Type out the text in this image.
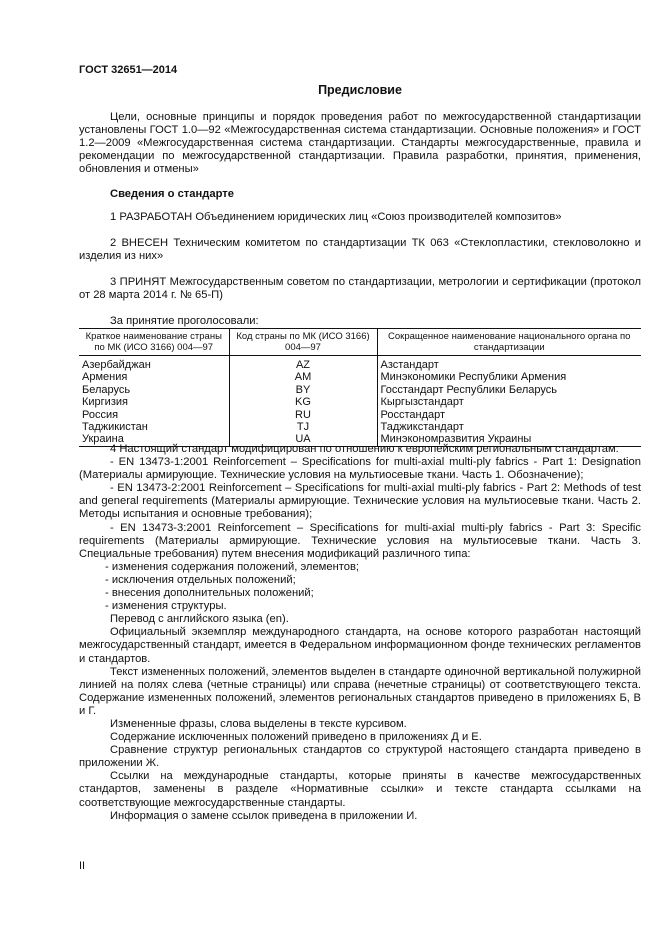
ГОСТ 32651—2014
Предисловие

Цели, основные принципы и порядок проведения работ по межгосударственной стандартизации установлены ГОСТ 1.0—92 «Межгосударственная система стандартизации. Основные положения» и ГОСТ 1.2—2009 «Межгосударственная система стандартизации. Стандарты межгосударственные, правила и рекомендации по межгосударственной стандартизации. Правила разработки, принятия, применения, обновления и отмены»

Сведения о стандарте

1 РАЗРАБОТАН Объединением юридических лиц «Союз производителей композитов»

2 ВНЕСЕН Техническим комитетом по стандартизации ТК 063 «Стеклопластики, стекловолокно и изделия из них»

3 ПРИНЯТ Межгосударственным советом по стандартизации, метрологии и сертификации (протокол от 28 марта 2014 г. № 65-П)

За принятие проголосовали:
Краткое наименование страны по МК (ИСО 3166) 004—97	Код страны по МК (ИСО 3166) 004—97	Сокращенное наименование национального органа по стандартизации
Азербайджан	AZ	Азстандарт
Армения	AM	Минэкономики Республики Армения
Беларусь	BY	Госстандарт Республики Беларусь
Киргизия	KG	Кыргызстандарт
Россия	RU	Росстандарт
Таджикистан	TJ	Таджикстандарт
Украина	UA	Минэкономразвития Украины

4 Настоящий стандарт модифицирован по отношению к европейским региональным стандартам:

- EN 13473-1:2001 Reinforcement – Specifications for multi-axial multi-ply fabrics - Part 1: Designation (Материалы армирующие. Технические условия на мультиосевые ткани. Часть 1. Обозначение);

- EN 13473-2:2001 Reinforcement – Specifications for multi-axial multi-ply fabrics - Part 2: Methods of test and general requirements (Материалы армирующие. Технические условия на мультиосевые ткани. Часть 2. Методы испытания и основные требования);

- EN 13473-3:2001 Reinforcement – Specifications for multi-axial multi-ply fabrics - Part 3: Specific requirements (Материалы армирующие. Технические условия на мультиосевые ткани. Часть 3. Специальные требования) путем внесения модификаций различного типа:

- изменения содержания положений, элементов;

- исключения отдельных положений;

- внесения дополнительных положений;

- изменения структуры.

Перевод с английского языка (en).

Официальный экземпляр международного стандарта, на основе которого разработан настоящий межгосударственный стандарт, имеется в Федеральном информационном фонде технических регламентов и стандартов.

Текст измененных положений, элементов выделен в стандарте одиночной вертикальной полужирной линией на полях слева (четные страницы) или справа (нечетные страницы) от соответствующего текста. Содержание измененных положений, элементов региональных стандартов приведено в приложениях Б, В и Г.

Измененные фразы, слова выделены в тексте курсивом.

Содержание исключенных положений приведено в приложениях Д и Е.

Сравнение структур региональных стандартов со структурой настоящего стандарта приведено в приложении Ж.

Ссылки на международные стандарты, которые приняты в качестве межгосударственных стандартов, заменены в разделе «Нормативные ссылки» и тексте стандарта ссылками на соответствующие межгосударственные стандарты.

Информация о замене ссылок приведена в приложении И.

II
